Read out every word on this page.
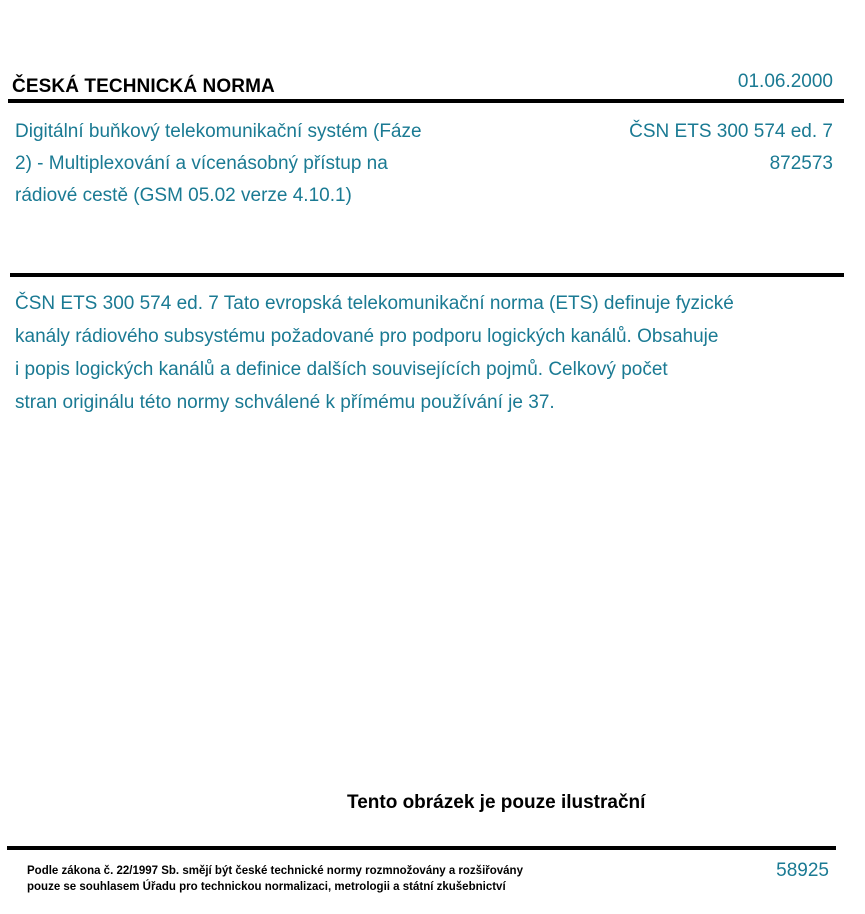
ČESKÁ TECHNICKÁ NORMA	01.06.2000
Digitální buňkový telekomunikační systém (Fáze
2) - Multiplexování a vícenásobný přístup na
rádiové cestě (GSM 05.02 verze 4.10.1)
ČSN ETS 300 574 ed. 7
872573
ČSN ETS 300 574 ed. 7 Tato evropská telekomunikační norma (ETS) definuje fyzické
kanály rádiového subsystému požadované pro podporu logických kanálů. Obsahuje
i popis logických kanálů a definice dalších souvisejících pojmů. Celkový počet
stran originálu této normy schválené k přímému používání je 37.
Tento obrázek je pouze ilustrační
Podle zákona č. 22/1997 Sb. smějí být české technické normy rozmnožovány a rozšiřovány
pouze se souhlasem Úřadu pro technickou normalizaci, metrologii a státní zkušebnictví
58925
